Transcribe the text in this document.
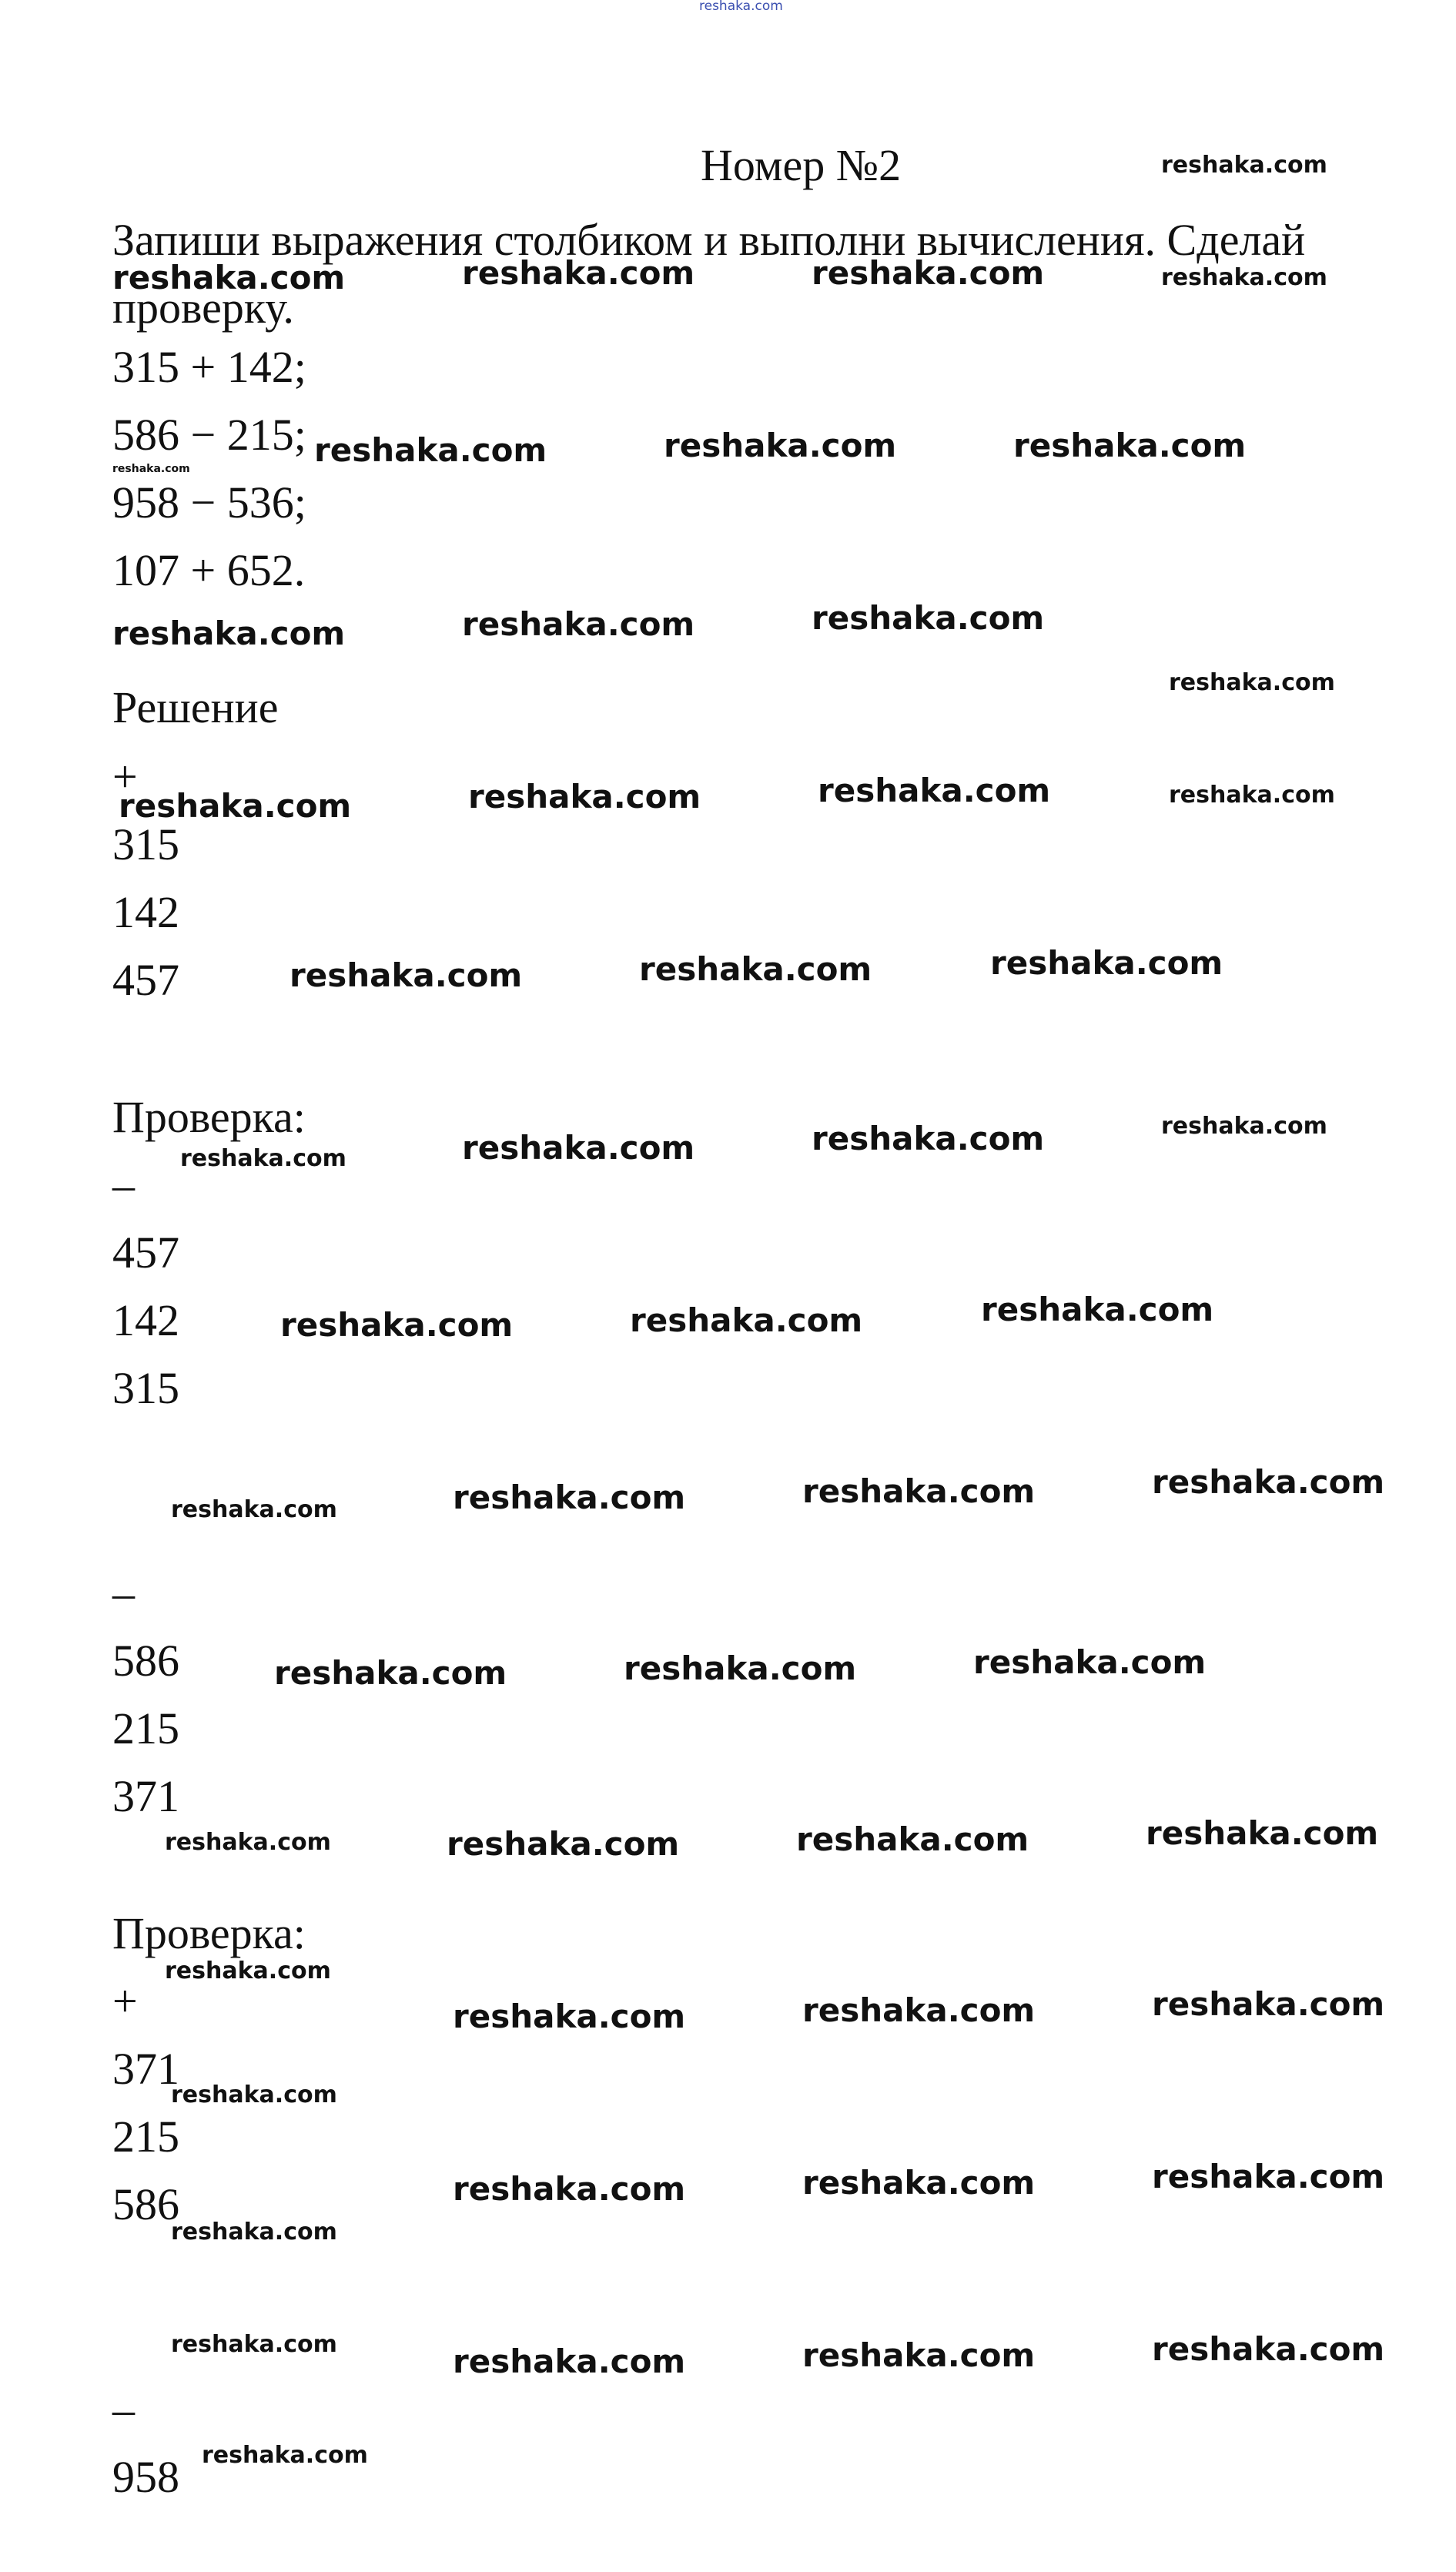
reshaka.com
Номер №2
Запиши выражения столбиком и выполни вычисления. Сделай проверку.
315 + 142;
586 − 215;
958 − 536;
107 + 652.
Решение
+
315
142
457
Проверка:
–
457
142
315
–
586
215
371
Проверка:
+
371
215
586
–
958
reshaka.com
reshaka.com	reshaka.com	reshaka.com	reshaka.com
reshaka.com	reshaka.com	reshaka.com	reshaka.com
reshaka.com	reshaka.com	reshaka.com
reshaka.com
reshaka.com	reshaka.com	reshaka.com	reshaka.com
reshaka.com	reshaka.com	reshaka.com
reshaka.com	reshaka.com	reshaka.com	reshaka.com
reshaka.com	reshaka.com	reshaka.com
reshaka.com	reshaka.com	reshaka.com	reshaka.com
reshaka.com	reshaka.com	reshaka.com
reshaka.com	reshaka.com	reshaka.com	reshaka.com
reshaka.com
reshaka.com	reshaka.com	reshaka.com
reshaka.com
reshaka.com	reshaka.com	reshaka.com
reshaka.com
reshaka.com	reshaka.com	reshaka.com	reshaka.com
reshaka.com
